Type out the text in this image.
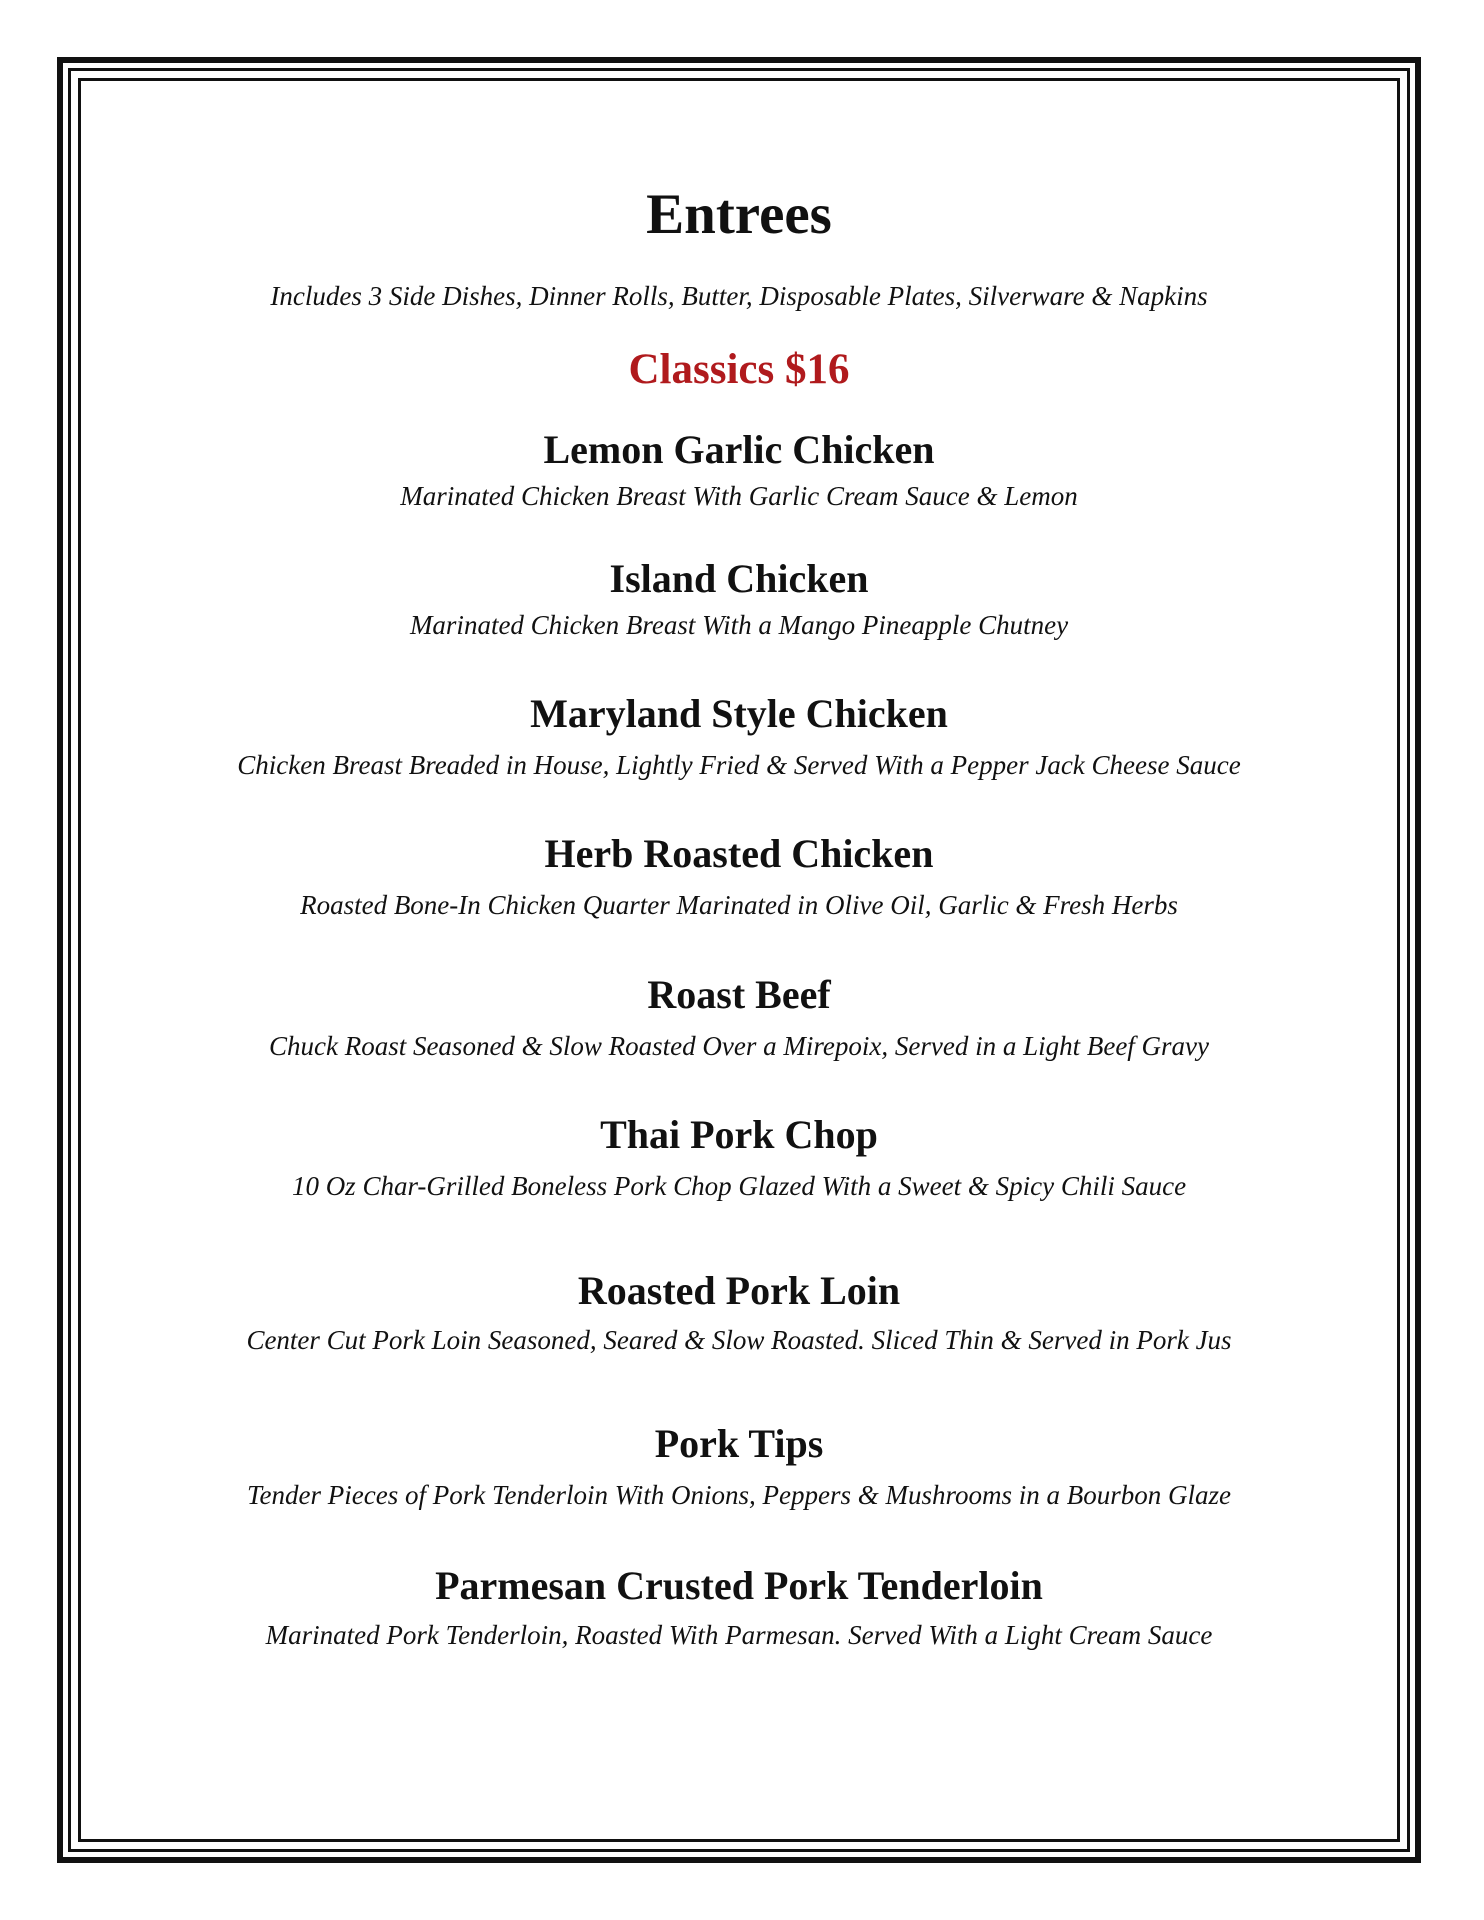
Entrees

Includes 3 Side Dishes, Dinner Rolls, Butter, Disposable Plates, Silverware & Napkins

Classics $16
Lemon Garlic Chicken

Marinated Chicken Breast With Garlic Cream Sauce & Lemon

Island Chicken

Marinated Chicken Breast With a Mango Pineapple Chutney

Maryland Style Chicken

Chicken Breast Breaded in House, Lightly Fried & Served With a Pepper Jack Cheese Sauce

Herb Roasted Chicken

Roasted Bone-In Chicken Quarter Marinated in Olive Oil, Garlic & Fresh Herbs

Roast Beef

Chuck Roast Seasoned & Slow Roasted Over a Mirepoix, Served in a Light Beef Gravy

Thai Pork Chop

10 Oz Char-Grilled Boneless Pork Chop Glazed With a Sweet & Spicy Chili Sauce

Roasted Pork Loin

Center Cut Pork Loin Seasoned, Seared & Slow Roasted. Sliced Thin & Served in Pork Jus

Pork Tips

Tender Pieces of Pork Tenderloin With Onions, Peppers & Mushrooms in a Bourbon Glaze

Parmesan Crusted Pork Tenderloin

Marinated Pork Tenderloin, Roasted With Parmesan. Served With a Light Cream Sauce
